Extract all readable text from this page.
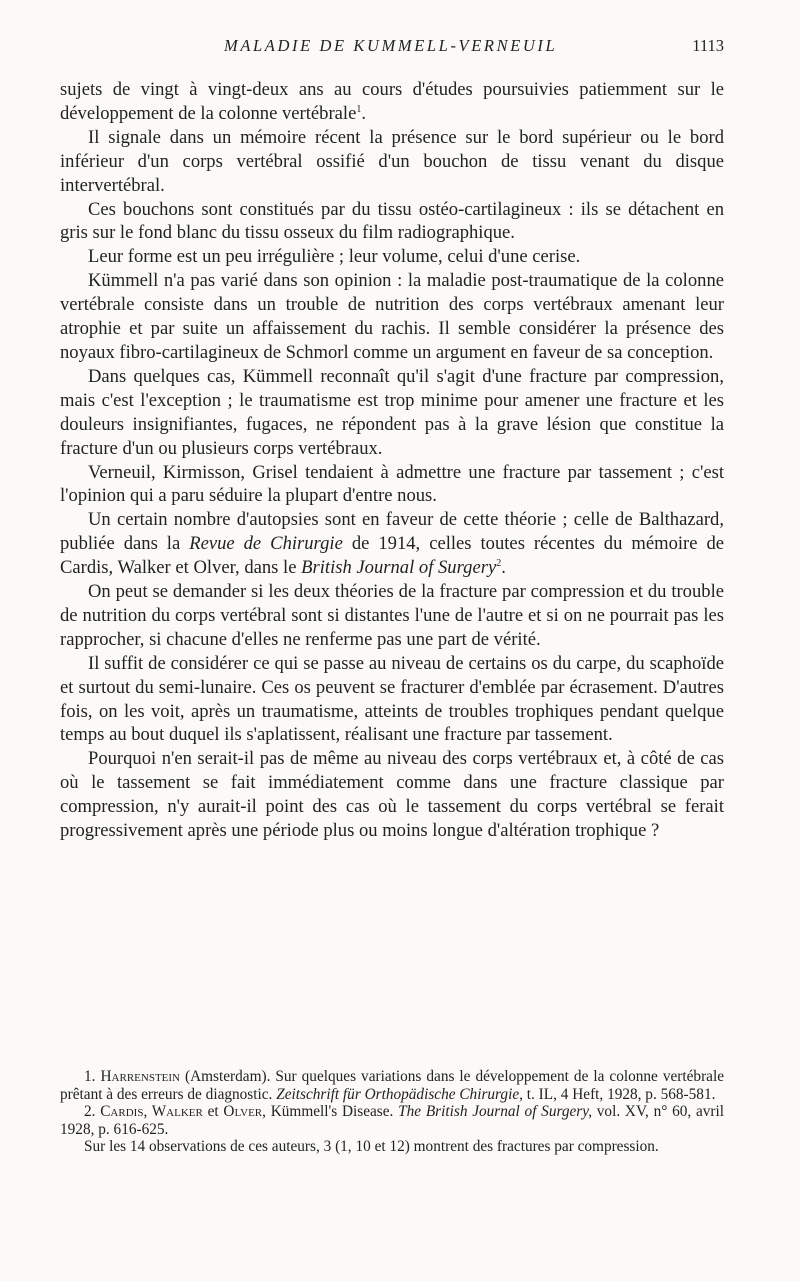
MALADIE DE KUMMELL-VERNEUIL	1113

sujets de vingt à vingt-deux ans au cours d'études poursuivies patiemment sur le développement de la colonne vertébrale$^1$.

Il signale dans un mémoire récent la présence sur le bord supérieur ou le bord inférieur d'un corps vertébral ossifié d'un bouchon de tissu venant du disque intervertébral.

Ces bouchons sont constitués par du tissu ostéo-cartilagineux : ils se détachent en gris sur le fond blanc du tissu osseux du film radiographique.

Leur forme est un peu irrégulière ; leur volume, celui d'une cerise.

Kümmell n'a pas varié dans son opinion : la maladie post-traumatique de la colonne vertébrale consiste dans un trouble de nutrition des corps vertébraux amenant leur atrophie et par suite un affaissement du rachis. Il semble considérer la présence des noyaux fibro-cartilagineux de Schmorl comme un argument en faveur de sa conception.

Dans quelques cas, Kümmell reconnaît qu'il s'agit d'une fracture par compression, mais c'est l'exception ; le traumatisme est trop minime pour amener une fracture et les douleurs insignifiantes, fugaces, ne répondent pas à la grave lésion que constitue la fracture d'un ou plusieurs corps vertébraux.

Verneuil, Kirmisson, Grisel tendaient à admettre une fracture par tassement ; c'est l'opinion qui a paru séduire la plupart d'entre nous.

Un certain nombre d'autopsies sont en faveur de cette théorie ; celle de Balthazard, publiée dans la Revue de Chirurgie de 1914, celles toutes récentes du mémoire de Cardis, Walker et Olver, dans le British Journal of Surgery$^2$.

On peut se demander si les deux théories de la fracture par compression et du trouble de nutrition du corps vertébral sont si distantes l'une de l'autre et si on ne pourrait pas les rapprocher, si chacune d'elles ne renferme pas une part de vérité.

Il suffit de considérer ce qui se passe au niveau de certains os du carpe, du scaphoïde et surtout du semi-lunaire. Ces os peuvent se fracturer d'emblée par écrasement. D'autres fois, on les voit, après un traumatisme, atteints de troubles trophiques pendant quelque temps au bout duquel ils s'aplatissent, réalisant une fracture par tassement.

Pourquoi n'en serait-il pas de même au niveau des corps vertébraux et, à côté de cas où le tassement se fait immédiatement comme dans une fracture classique par compression, n'y aurait-il point des cas où le tassement du corps vertébral se ferait progressivement après une période plus ou moins longue d'altération trophique ?

1. Harrenstein (Amsterdam). Sur quelques variations dans le développement de la colonne vertébrale prêtant à des erreurs de diagnostic. Zeitschrift für Orthopädische Chirurgie, t. IL, 4 Heft, 1928, p. 568-581.

2. Cardis, Walker et Olver, Kümmell's Disease. The British Journal of Surgery, vol. XV, n° 60, avril 1928, p. 616-625.

Sur les 14 observations de ces auteurs, 3 (1, 10 et 12) montrent des fractures par compression.
